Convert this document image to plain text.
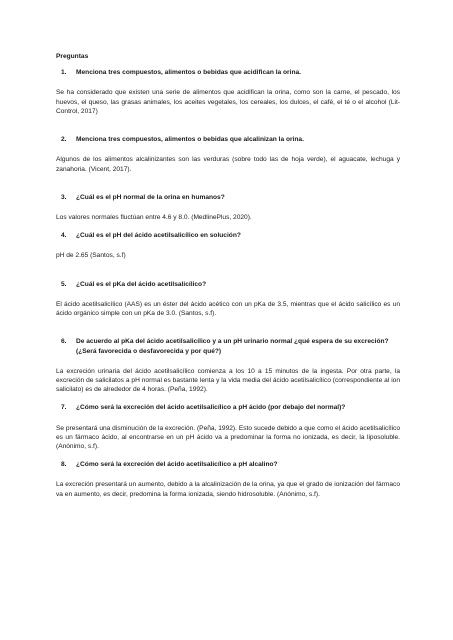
Preguntas
1.	Menciona tres compuestos, alimentos o bebidas que acidifican la orina.

Se ha considerado que existen una serie de alimentos que acidifican la orina, como son la carne, el pescado, los huevos, el queso, las grasas animales, los aceites vegetales, los cereales, los dulces, el café, el té o el alcohol (Lit-Control, 2017)

2.	Menciona tres compuestos, alimentos o bebidas que alcalinizan la orina.

Algunos de los alimentos alcalinizantes son las verduras (sobre todo las de hoja verde), el aguacate, lechuga y zanahoria. (Vicent, 2017).

3.	¿Cuál es el pH normal de la orina en humanos?

Los valores normales fluctúan entre 4.6 y 8.0. (MedlinePlus, 2020).

4.	¿Cuál es el pH del ácido acetilsalicílico en solución?

pH de 2.65 (Santos, s.f)

5.	¿Cuál es el pKa del ácido acetilsalicílico?

El ácido acetilsalicílico (AAS) es un éster del ácido acético con un pKa de 3.5, mientras que el ácido salicílico es un ácido orgánico simple con un pKa de 3.0. (Santos, s.f).

6.	De acuerdo al pKa del ácido acetilsalicílico y a un pH urinario normal ¿qué espera de su excreción? (¿Será favorecida o desfavorecida y por qué?)

La excreción urinaria del ácido acetilsalicílico comienza a los 10 a 15 minutos de la ingesta. Por otra parte, la excreción de salicilatos a pH normal es bastante lenta y la vida media del ácido acetilsalicílico (correspondiente al ion salicilato) es de alrededor de 4 horas. (Peña, 1992).

7.	¿Cómo será la excreción del ácido acetilsalicílico a pH ácido (por debajo del normal)?

Se presentará una disminución de la excreción. (Peña, 1992). Esto sucede debido a que como el ácido acetilsalicílico es un fármaco ácido, al encontrarse en un pH ácido va a predominar la forma no ionizada, es decir, la liposoluble. (Anónimo, s.f).

8.	¿Cómo será la excreción del ácido acetilsalicílico a pH alcalino?

La excreción presentará un aumento, debido a la alcalinización de la orina, ya que el grado de ionización del fármaco va en aumento, es decir, predomina la forma ionizada, siendo hidrosoluble. (Anónimo, s.f).
